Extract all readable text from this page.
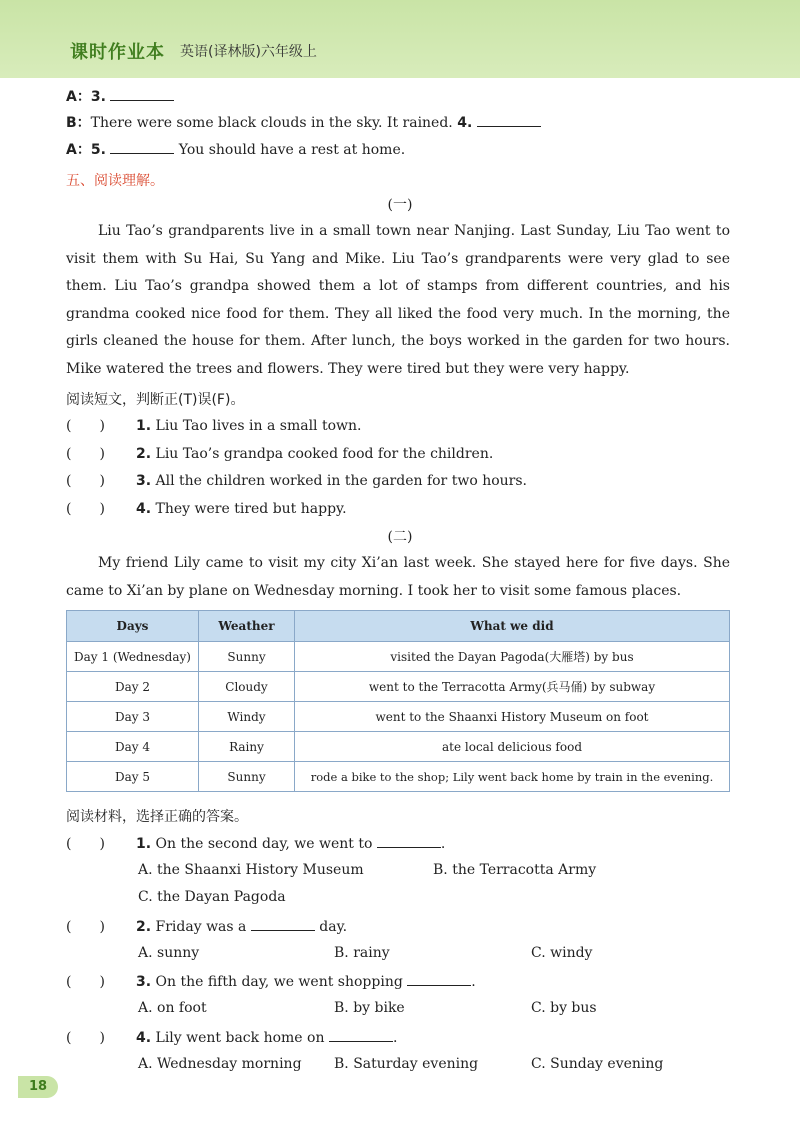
课时作业本 英语(译林版)六年级上
A：3.
B：There were some black clouds in the sky. It rained. 4.
A：5.	You should have a rest at home.
五、阅读理解。
(一)
Liu Tao’s grandparents live in a small town near Nanjing. Last Sunday, Liu Tao went to visit them with Su Hai, Su Yang and Mike. Liu Tao’s grandparents were very glad to see them. Liu Tao’s grandpa showed them a lot of stamps from different countries, and his grandma cooked nice food for them. They all liked the food very much. In the morning, the girls cleaned the house for them. After lunch, the boys worked in the garden for two hours. Mike watered the trees and flowers. They were tired but they were very happy.
阅读短文，判断正(T)误(F)。
(　　) 1. Liu Tao lives in a small town.
(　　) 2. Liu Tao’s grandpa cooked food for the children.
(　　) 3. All the children worked in the garden for two hours.
(　　) 4. They were tired but happy.
(二)
My friend Lily came to visit my city Xi’an last week. She stayed here for five days. She came to Xi’an by plane on Wednesday morning. I took her to visit some famous places.
Days	Weather	What we did
Day 1 (Wednesday)	Sunny	visited the Dayan Pagoda(大雁塔) by bus
Day 2	Cloudy	went to the Terracotta Army(兵马俑) by subway
Day 3	Windy	went to the Shaanxi History Museum on foot
Day 4	Rainy	ate local delicious food
Day 5	Sunny	rode a bike to the shop; Lily went back home by train in the evening.
阅读材料，选择正确的答案。
(　　) 1. On the second day, we went to	.
A. the Shaanxi History Museum	B. the Terracotta Army
C. the Dayan Pagoda
(　　) 2. Friday was a	day.
A. sunny	B. rainy	C. windy
(　　) 3. On the fifth day, we went shopping	.
A. on foot	B. by bike	C. by bus
(　　) 4. Lily went back home on	.
A. Wednesday morning B. Saturday evening	C. Sunday evening
18
